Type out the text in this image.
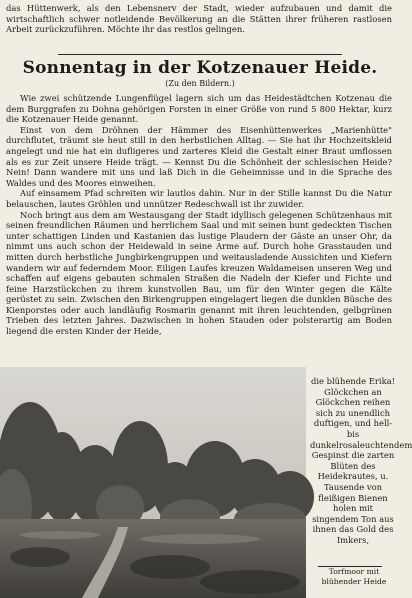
das Hüttenwerk, als den Lebensnerv der Stadt, wieder aufzubauen und damit die wirtschaftlich schwer notleidende Bevölkerung an die Stätten ihrer früheren rastlosen Arbeit zurückzuführen. Möchte ihr das restlos gelingen.
Sonnentag in der Kotzenauer Heide.
(Zu den Bildern.)

Wie zwei schützende Lungenflügel lagern sich um das Heidestädtchen Kotzenau die dem Burggrafen zu Dohna gehörigen Forsten in einer Größe von rund 5 800 Hektar, kurz die Kotzenauer Heide genannt.

Einst von dem Dröhnen der Hämmer des Eisenhüttenwerkes „Marienhütte" durchflutet, träumt sie heut still in den herbstlichen Alltag. — Sie hat ihr Hochzeitskleid angelegt und nie hat ein dufligeres und zarteres Kleid die Gestalt einer Braut umflossen als es zur Zeit unsere Heide trägt. — Kennst Du die Schönheit der schlesischen Heide? Nein! Dann wandere mit uns und laß Dich in die Geheimnisse und in die Sprache des Waldes und des Moores einweihen.

Auf einsamem Pfad schreiten wir lautlos dahin. Nur in der Stille kannst Du die Natur belauschen, lautes Gröhlen und unnützer Redeschwall ist ihr zuwider.

Noch bringt aus dem am Westausgang der Stadt idyllisch gelegenen Schützenhaus mit seinen freundlichen Räumen und herrlichem Saal und mit seinen bunt gedeckten Tischen unter schattigen Linden und Kastanien das lustige Plaudern der Gäste an unser Ohr, da nimmt uns auch schon der Heidewald in seine Arme auf. Durch hohe Grasstauden und mitten durch herbstliche Jungbirkengruppen und weitausladende Aussichten und Kiefern wandern wir auf federndem Moor. Eiligen Laufes kreuzen Waldameisen unseren Weg und schaffen auf eigens gebauten schmalen Straßen die Nadeln der Kiefer und Fichte und feine Harzstückchen zu ihrem kunstvollen Bau, um für den Winter gegen die Kälte gerüstet zu sein. Zwischen den Birkengruppen eingelagert liegen die dunklen Büsche des Kienporstes oder auch landläufig Rosmarin genannt mit ihren leuchtenden, gelbgrünen Trieben des letzten Jahres. Dazwischen in hohen Stauden oder polsterartig am Boden liegend die ersten Kinder der Heide,

die blühende Erika! Glöckchen an Glöckchen reihen sich zu unendlich duftigen, und hell- bis dunkelrosaleuchtendem Gespinst die zarten Blüten des Heidekrautes, u. Tausende von fleißigen Bienen holen mit singendem Ton aus ihnen das Gold des Imkers,
Torfmoor mit blühender Heide
